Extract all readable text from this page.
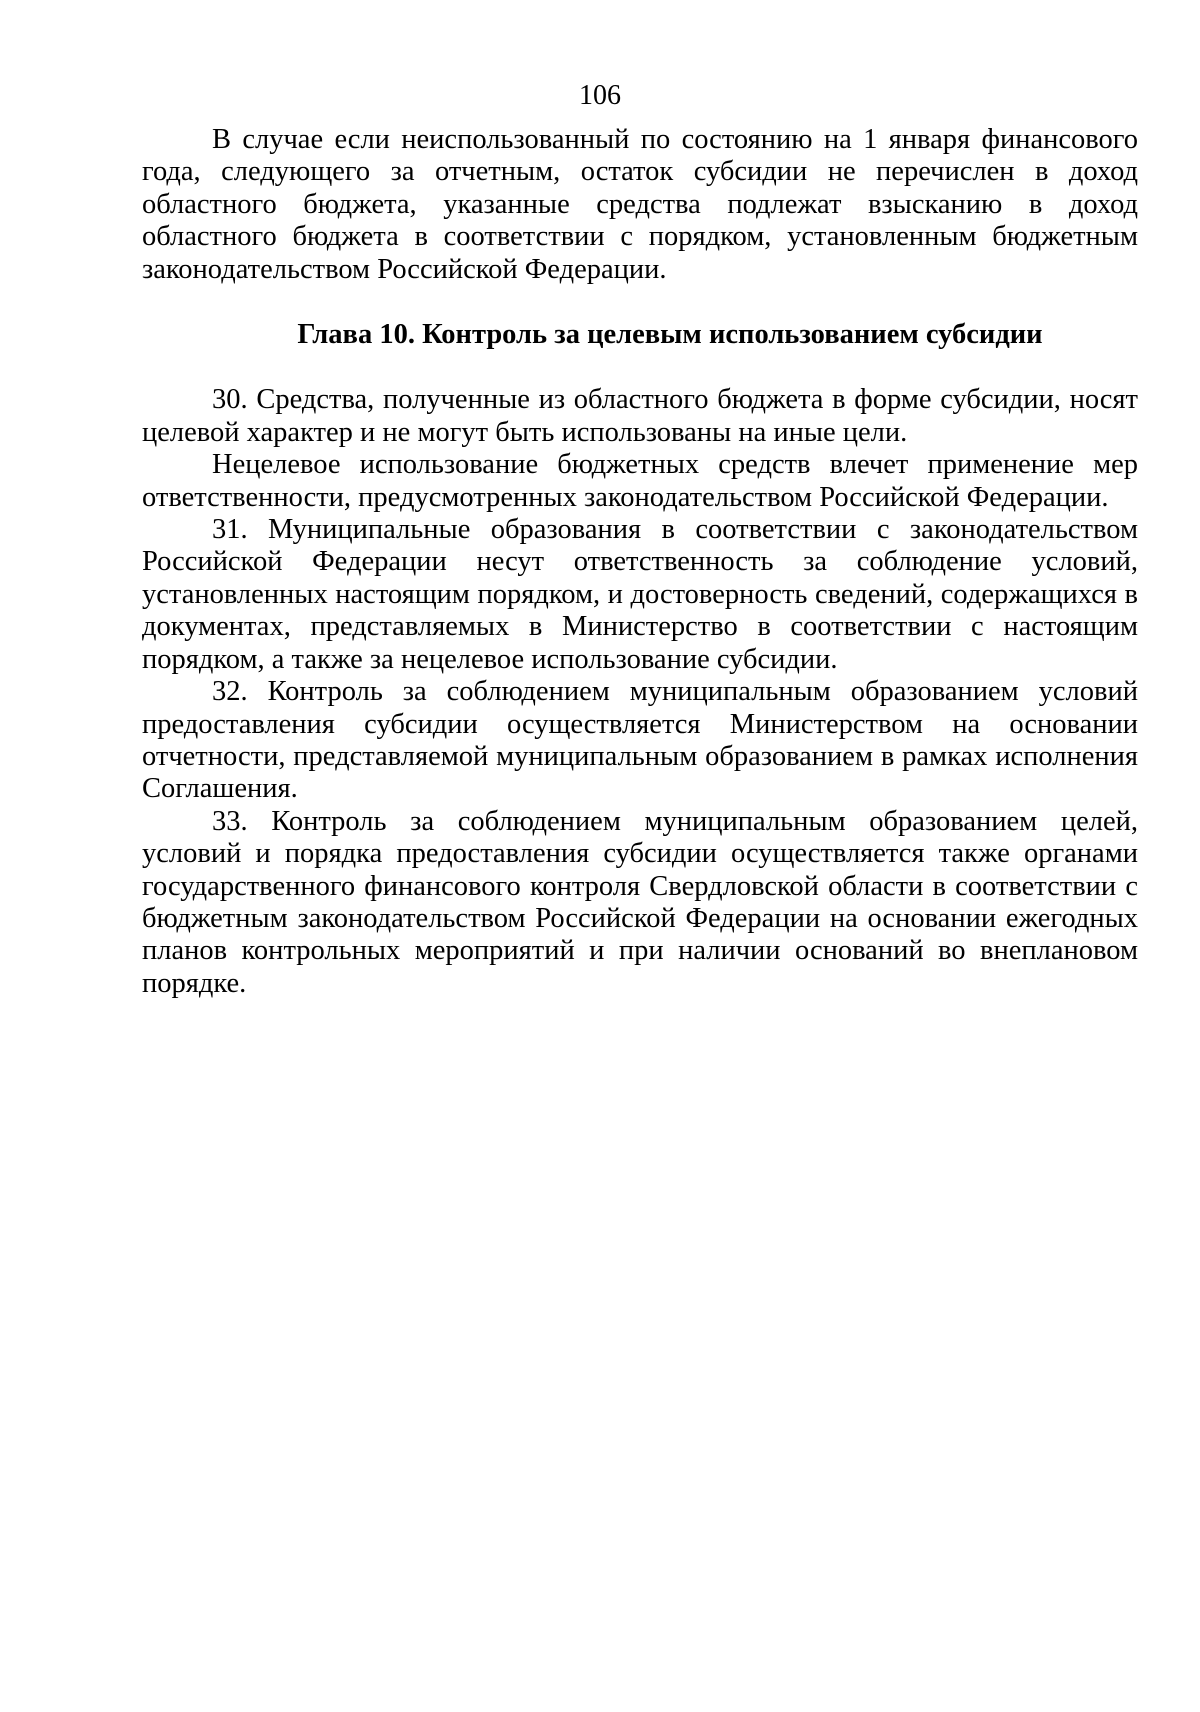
106

В случае если неиспользованный по состоянию на 1 января финансового года, следующего за отчетным, остаток субсидии не перечислен в доход областного бюджета, указанные средства подлежат взысканию в доход областного бюджета в соответствии с порядком, установленным бюджетным законодательством Российской Федерации.

Глава 10. Контроль за целевым использованием субсидии

30. Средства, полученные из областного бюджета в форме субсидии, носят целевой характер и не могут быть использованы на иные цели.

Нецелевое использование бюджетных средств влечет применение мер ответственности, предусмотренных законодательством Российской Федерации.

31. Муниципальные образования в соответствии с законодательством Российской Федерации несут ответственность за соблюдение условий, установленных настоящим порядком, и достоверность сведений, содержащихся в документах, представляемых в Министерство в соответствии с настоящим порядком, а также за нецелевое использование субсидии.

32. Контроль за соблюдением муниципальным образованием условий предоставления субсидии осуществляется Министерством на основании отчетности, представляемой муниципальным образованием в рамках исполнения Соглашения.

33. Контроль за соблюдением муниципальным образованием целей, условий и порядка предоставления субсидии осуществляется также органами государственного финансового контроля Свердловской области в соответствии с бюджетным законодательством Российской Федерации на основании ежегодных планов контрольных мероприятий и при наличии оснований во внеплановом порядке.
